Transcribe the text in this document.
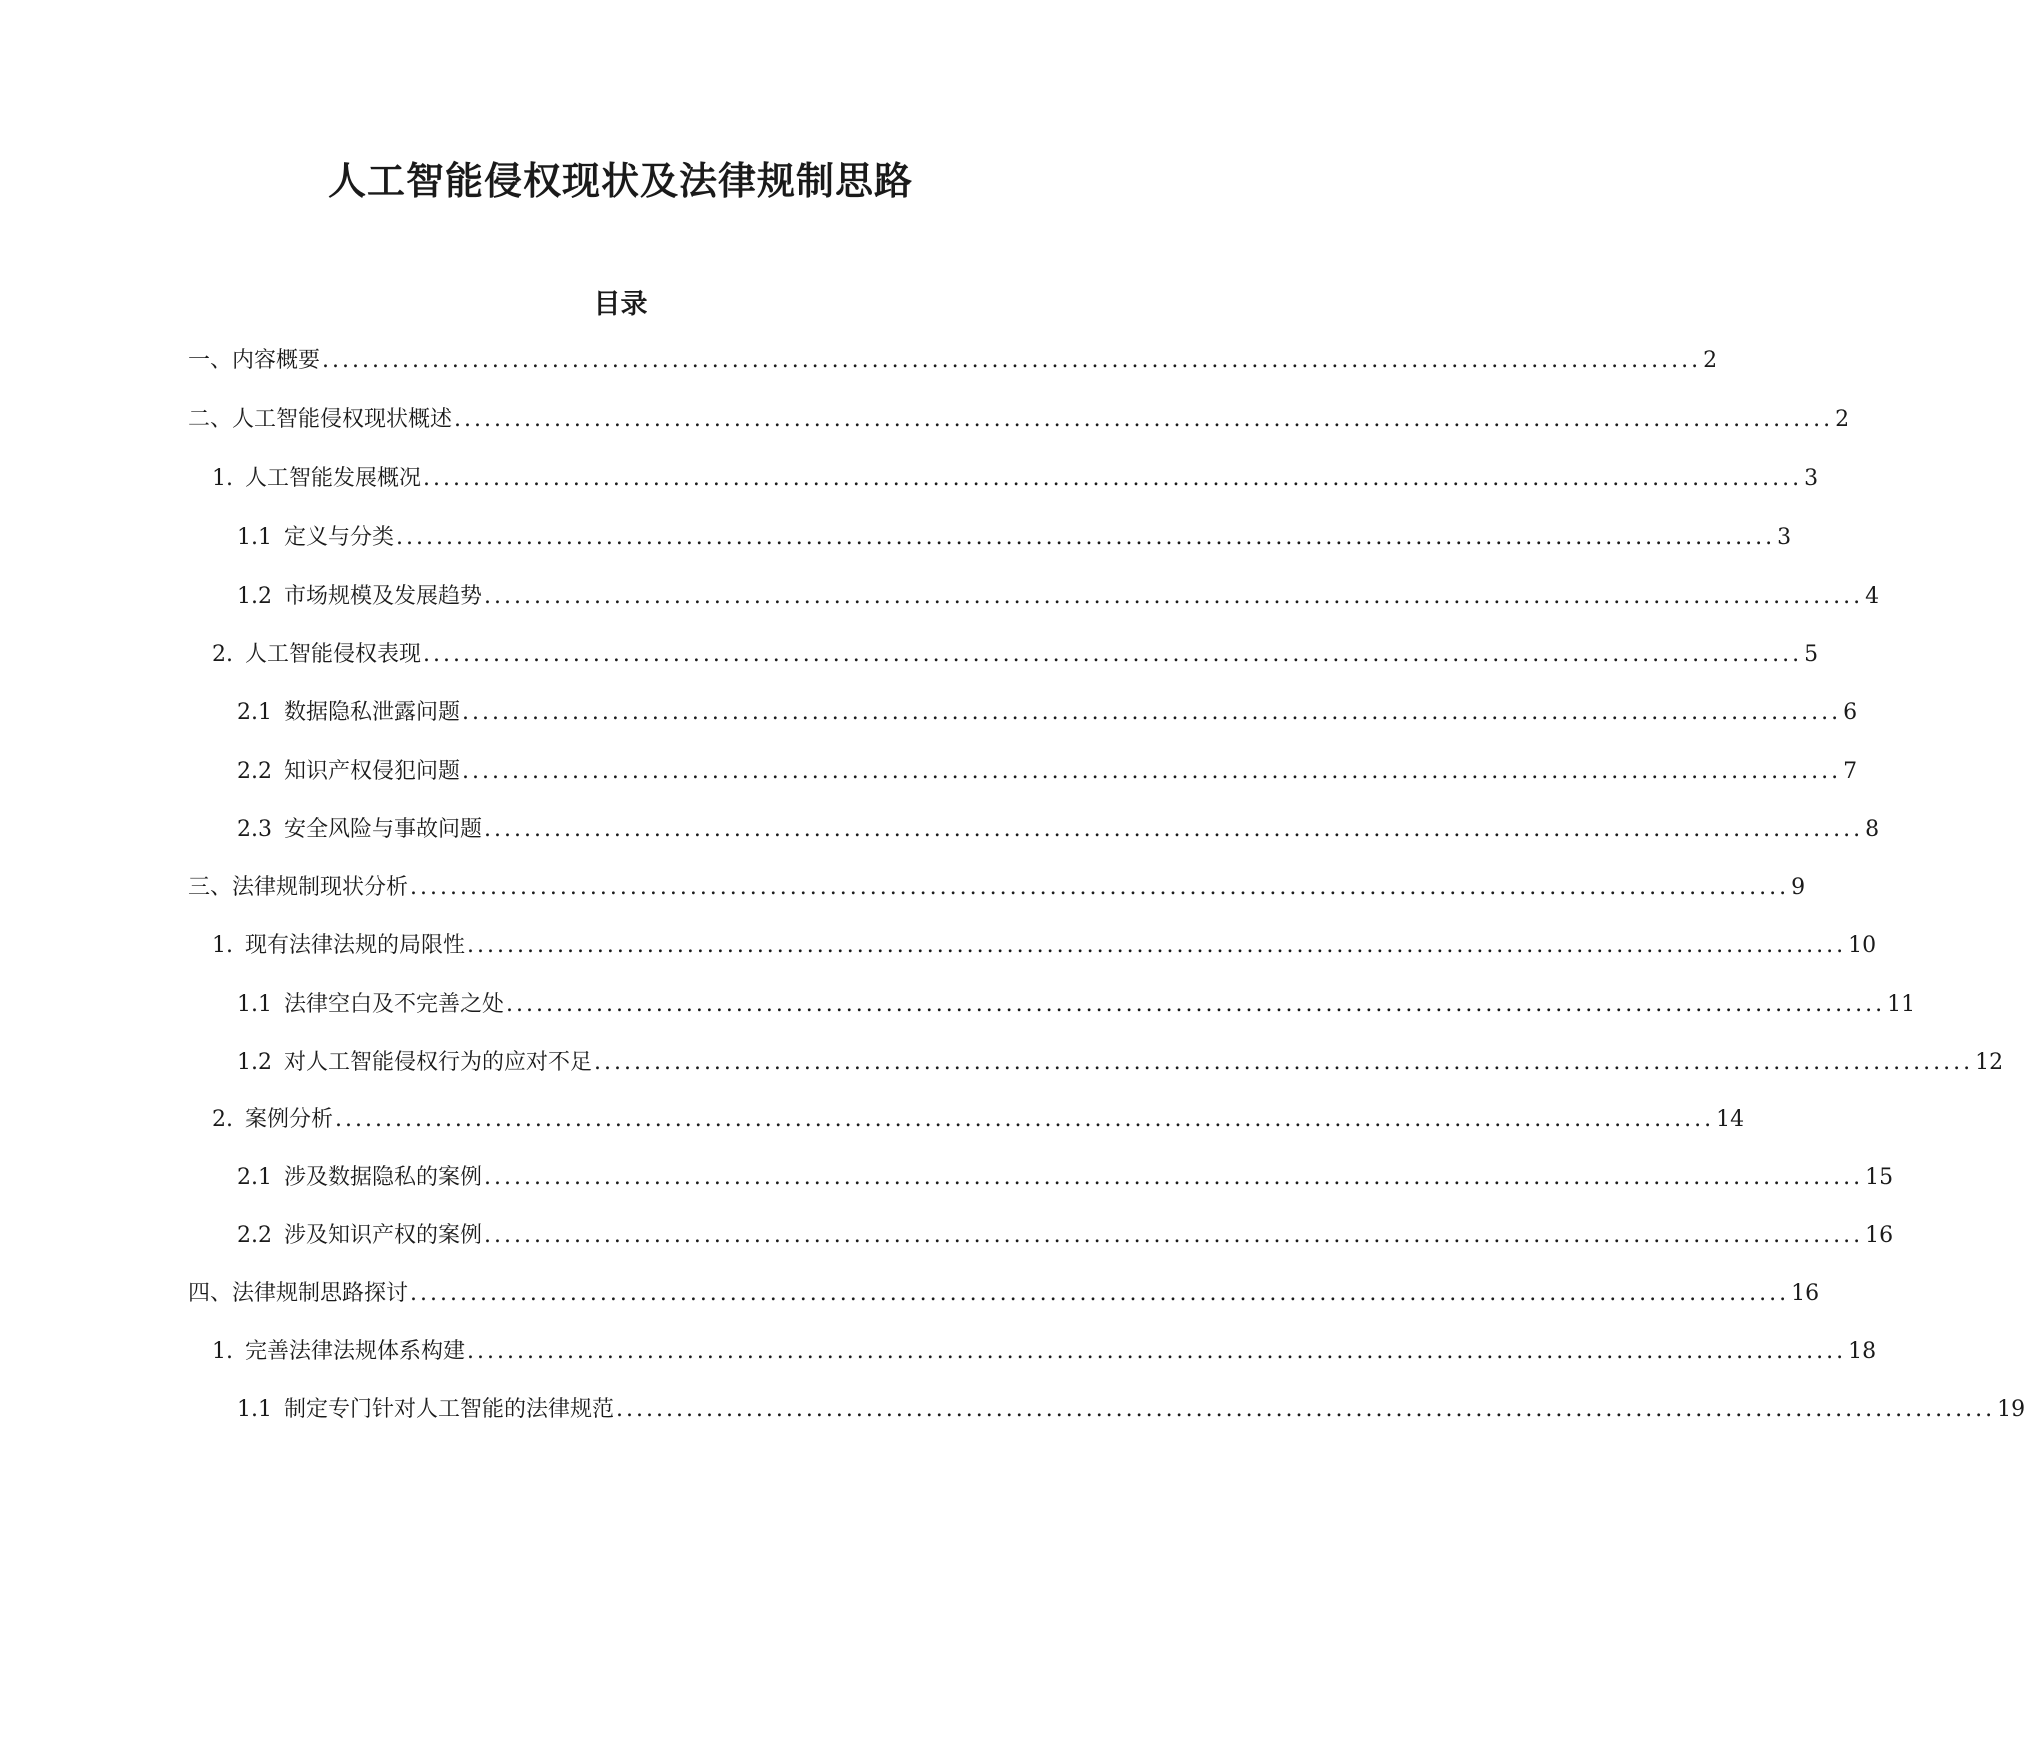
人工智能侵权现状及法律规制思路
目录
一、内容概要 .......................................................................................................................................... 2
二、人工智能侵权现状概述 .......................................................................................................................................... 2
1. 人工智能发展概况 .......................................................................................................................................... 3
1.1 定义与分类 .......................................................................................................................................... 3
1.2 市场规模及发展趋势 .......................................................................................................................................... 4
2. 人工智能侵权表现 .......................................................................................................................................... 5
2.1 数据隐私泄露问题 .......................................................................................................................................... 6
2.2 知识产权侵犯问题 .......................................................................................................................................... 7
2.3 安全风险与事故问题 .......................................................................................................................................... 8
三、法律规制现状分析 .......................................................................................................................................... 9
1. 现有法律法规的局限性 .......................................................................................................................................... 10
1.1 法律空白及不完善之处 .......................................................................................................................................... 11
1.2 对人工智能侵权行为的应对不足 .......................................................................................................................................... 12
2. 案例分析 .......................................................................................................................................... 14
2.1 涉及数据隐私的案例 .......................................................................................................................................... 15
2.2 涉及知识产权的案例 .......................................................................................................................................... 16
四、法律规制思路探讨 .......................................................................................................................................... 16
1. 完善法律法规体系构建 .......................................................................................................................................... 18
1.1 制定专门针对人工智能的法律规范 .......................................................................................................................................... 19
